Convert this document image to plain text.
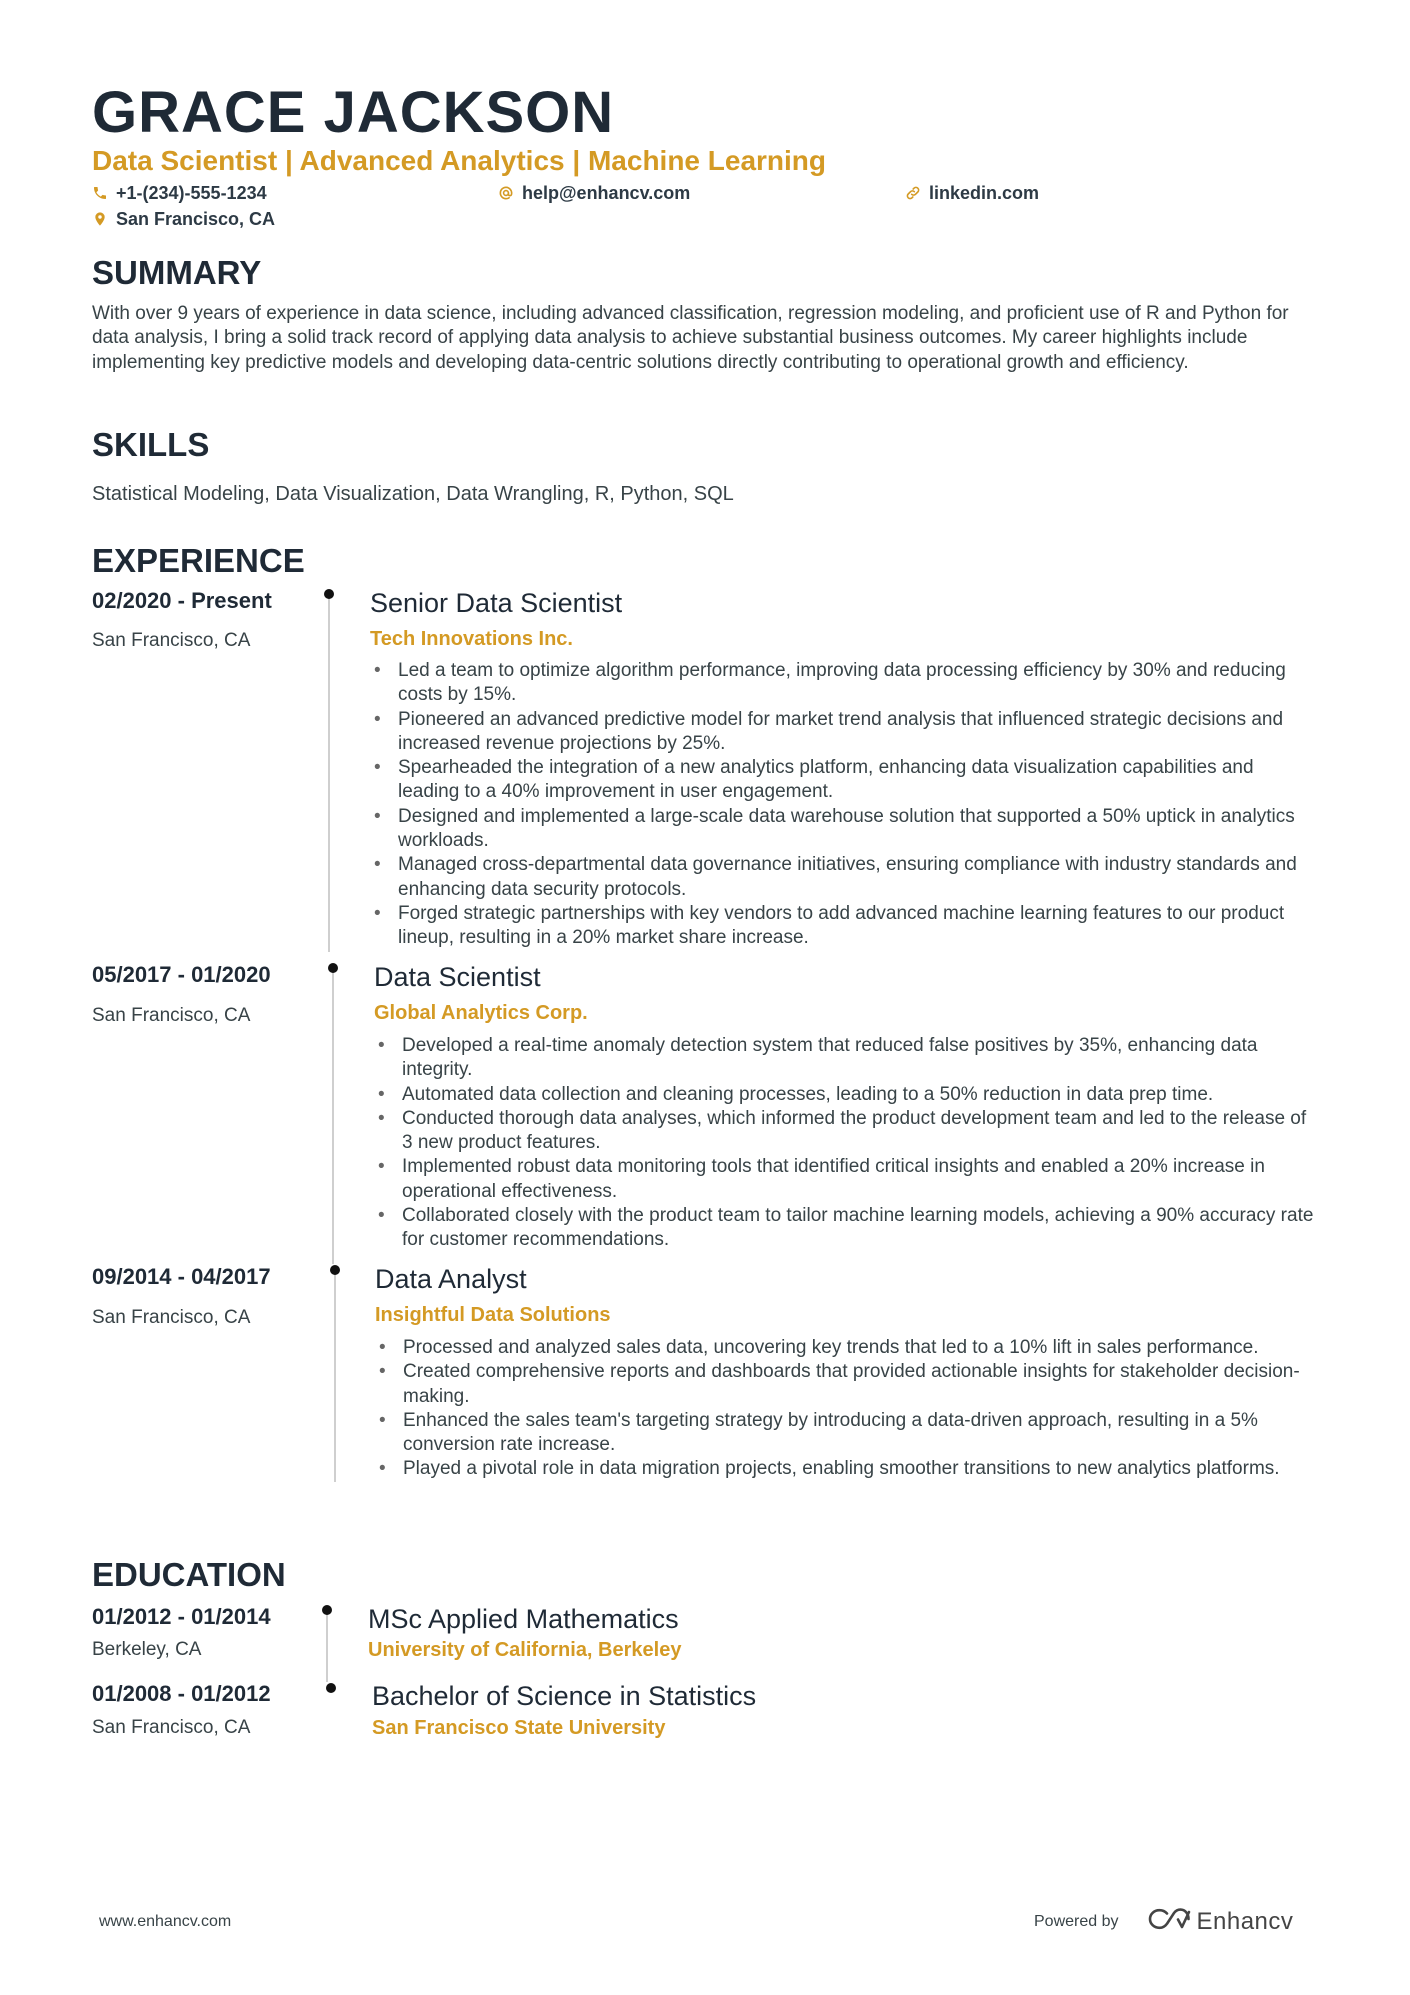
GRACE JACKSON
Data Scientist | Advanced Analytics | Machine Learning
+1-(234)-555-1234	help@enhancv.com	linkedin.com
San Francisco, CA
SUMMARY

With over 9 years of experience in data science, including advanced classification, regression modeling, and proficient use of R and Python for data analysis, I bring a solid track record of applying data analysis to achieve substantial business outcomes. My career highlights include implementing key predictive models and developing data-centric solutions directly contributing to operational growth and efficiency.

SKILLS

Statistical Modeling, Data Visualization, Data Wrangling, R, Python, SQL

EXPERIENCE
02/2020 - Present
San Francisco, CA
Senior Data Scientist
Tech Innovations Inc.
• Led a team to optimize algorithm performance, improving data processing efficiency by 30% and reducing costs by 15%.
• Pioneered an advanced predictive model for market trend analysis that influenced strategic decisions and increased revenue projections by 25%.
• Spearheaded the integration of a new analytics platform, enhancing data visualization capabilities and leading to a 40% improvement in user engagement.
• Designed and implemented a large-scale data warehouse solution that supported a 50% uptick in analytics workloads.
• Managed cross-departmental data governance initiatives, ensuring compliance with industry standards and enhancing data security protocols.
• Forged strategic partnerships with key vendors to add advanced machine learning features to our product lineup, resulting in a 20% market share increase.
05/2017 - 01/2020
San Francisco, CA
Data Scientist
Global Analytics Corp.
• Developed a real-time anomaly detection system that reduced false positives by 35%, enhancing data integrity.
• Automated data collection and cleaning processes, leading to a 50% reduction in data prep time.
• Conducted thorough data analyses, which informed the product development team and led to the release of 3 new product features.
• Implemented robust data monitoring tools that identified critical insights and enabled a 20% increase in operational effectiveness.
• Collaborated closely with the product team to tailor machine learning models, achieving a 90% accuracy rate for customer recommendations.
09/2014 - 04/2017
San Francisco, CA
Data Analyst
Insightful Data Solutions
• Processed and analyzed sales data, uncovering key trends that led to a 10% lift in sales performance.
• Created comprehensive reports and dashboards that provided actionable insights for stakeholder decision-making.
• Enhanced the sales team's targeting strategy by introducing a data-driven approach, resulting in a 5% conversion rate increase.
• Played a pivotal role in data migration projects, enabling smoother transitions to new analytics platforms.
EDUCATION
01/2012 - 01/2014
Berkeley, CA
MSc Applied Mathematics
University of California, Berkeley
01/2008 - 01/2012
San Francisco, CA
Bachelor of Science in Statistics
San Francisco State University
www.enhancv.com	Powered by	Enhancv
